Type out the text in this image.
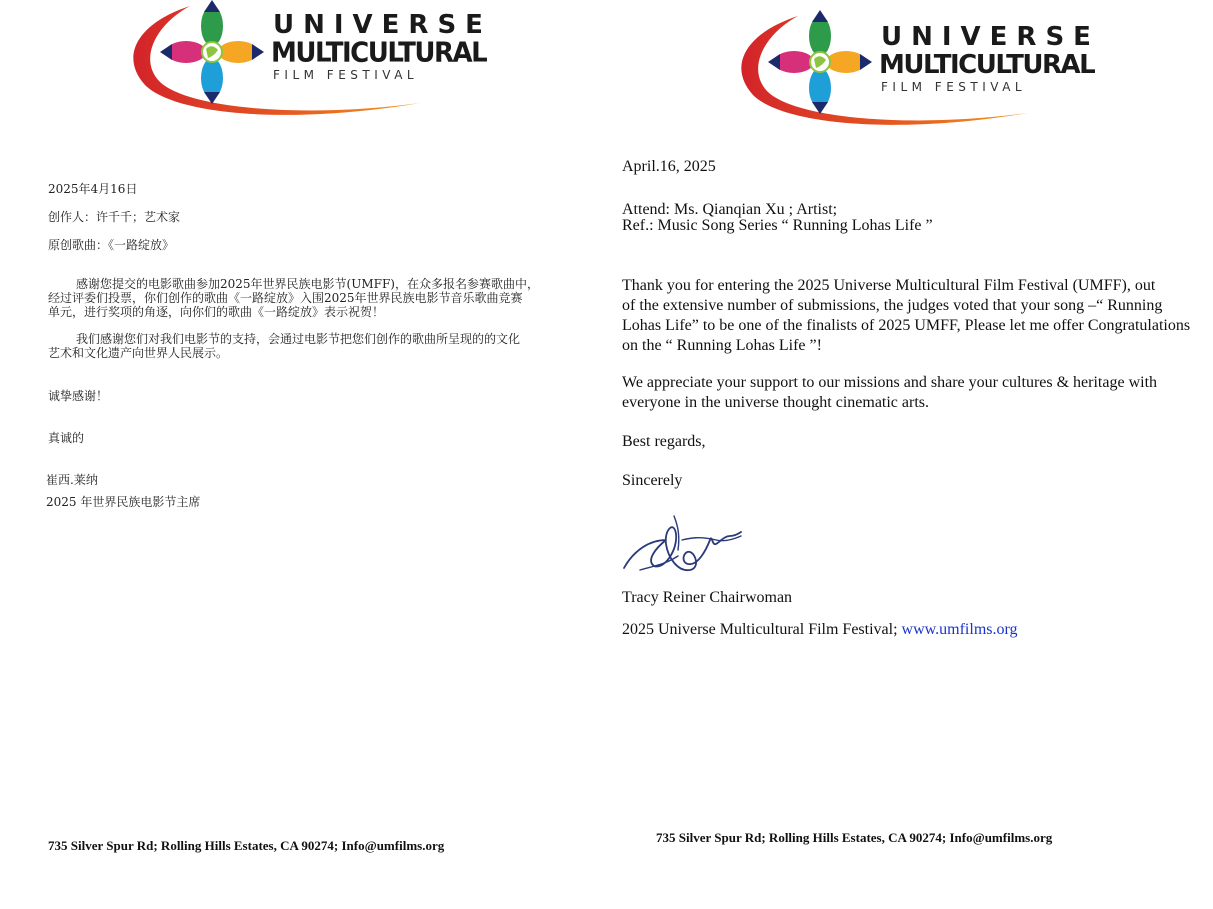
UNIVERSE
MULTICULTURAL
FILM FESTIVAL
UNIVERSE
MULTICULTURAL
FILM FESTIVAL
2025年4月16日
创作人：许千千；艺术家
原创歌曲：《一路绽放》
感谢您提交的电影歌曲参加2025年世界民族电影节(UMFF)，在众多报名参赛歌曲中，
经过评委们投票，你们创作的歌曲《一路绽放》入围2025年世界民族电影节音乐歌曲竞赛
单元，进行奖项的角逐，向你们的歌曲《一路绽放》表示祝贺！
我们感谢您们对我们电影节的支持，会通过电影节把您们创作的歌曲所呈现的的文化
艺术和文化遗产向世界人民展示。
诚挚感谢！
真诚的
崔西.莱纳
2025 年世界民族电影节主席
735 Silver Spur Rd; Rolling Hills Estates, CA 90274; Info@umfilms.org
April.16, 2025
Attend: Ms. Qianqian Xu ; Artist;
Ref.: Music Song Series “ Running Lohas Life ”
Thank you for entering the 2025 Universe Multicultural Film Festival (UMFF), out
of the extensive number of submissions, the judges voted that your song –“ Running
Lohas Life” to be one of the finalists of 2025 UMFF, Please let me offer Congratulations
on the “ Running Lohas Life ”!
We appreciate your support to our missions and share your cultures & heritage with
everyone in the universe thought cinematic arts.
Best regards,
Sincerely
Tracy Reiner Chairwoman
2025 Universe Multicultural Film Festival; www.umfilms.org
735 Silver Spur Rd; Rolling Hills Estates, CA 90274; Info@umfilms.org
